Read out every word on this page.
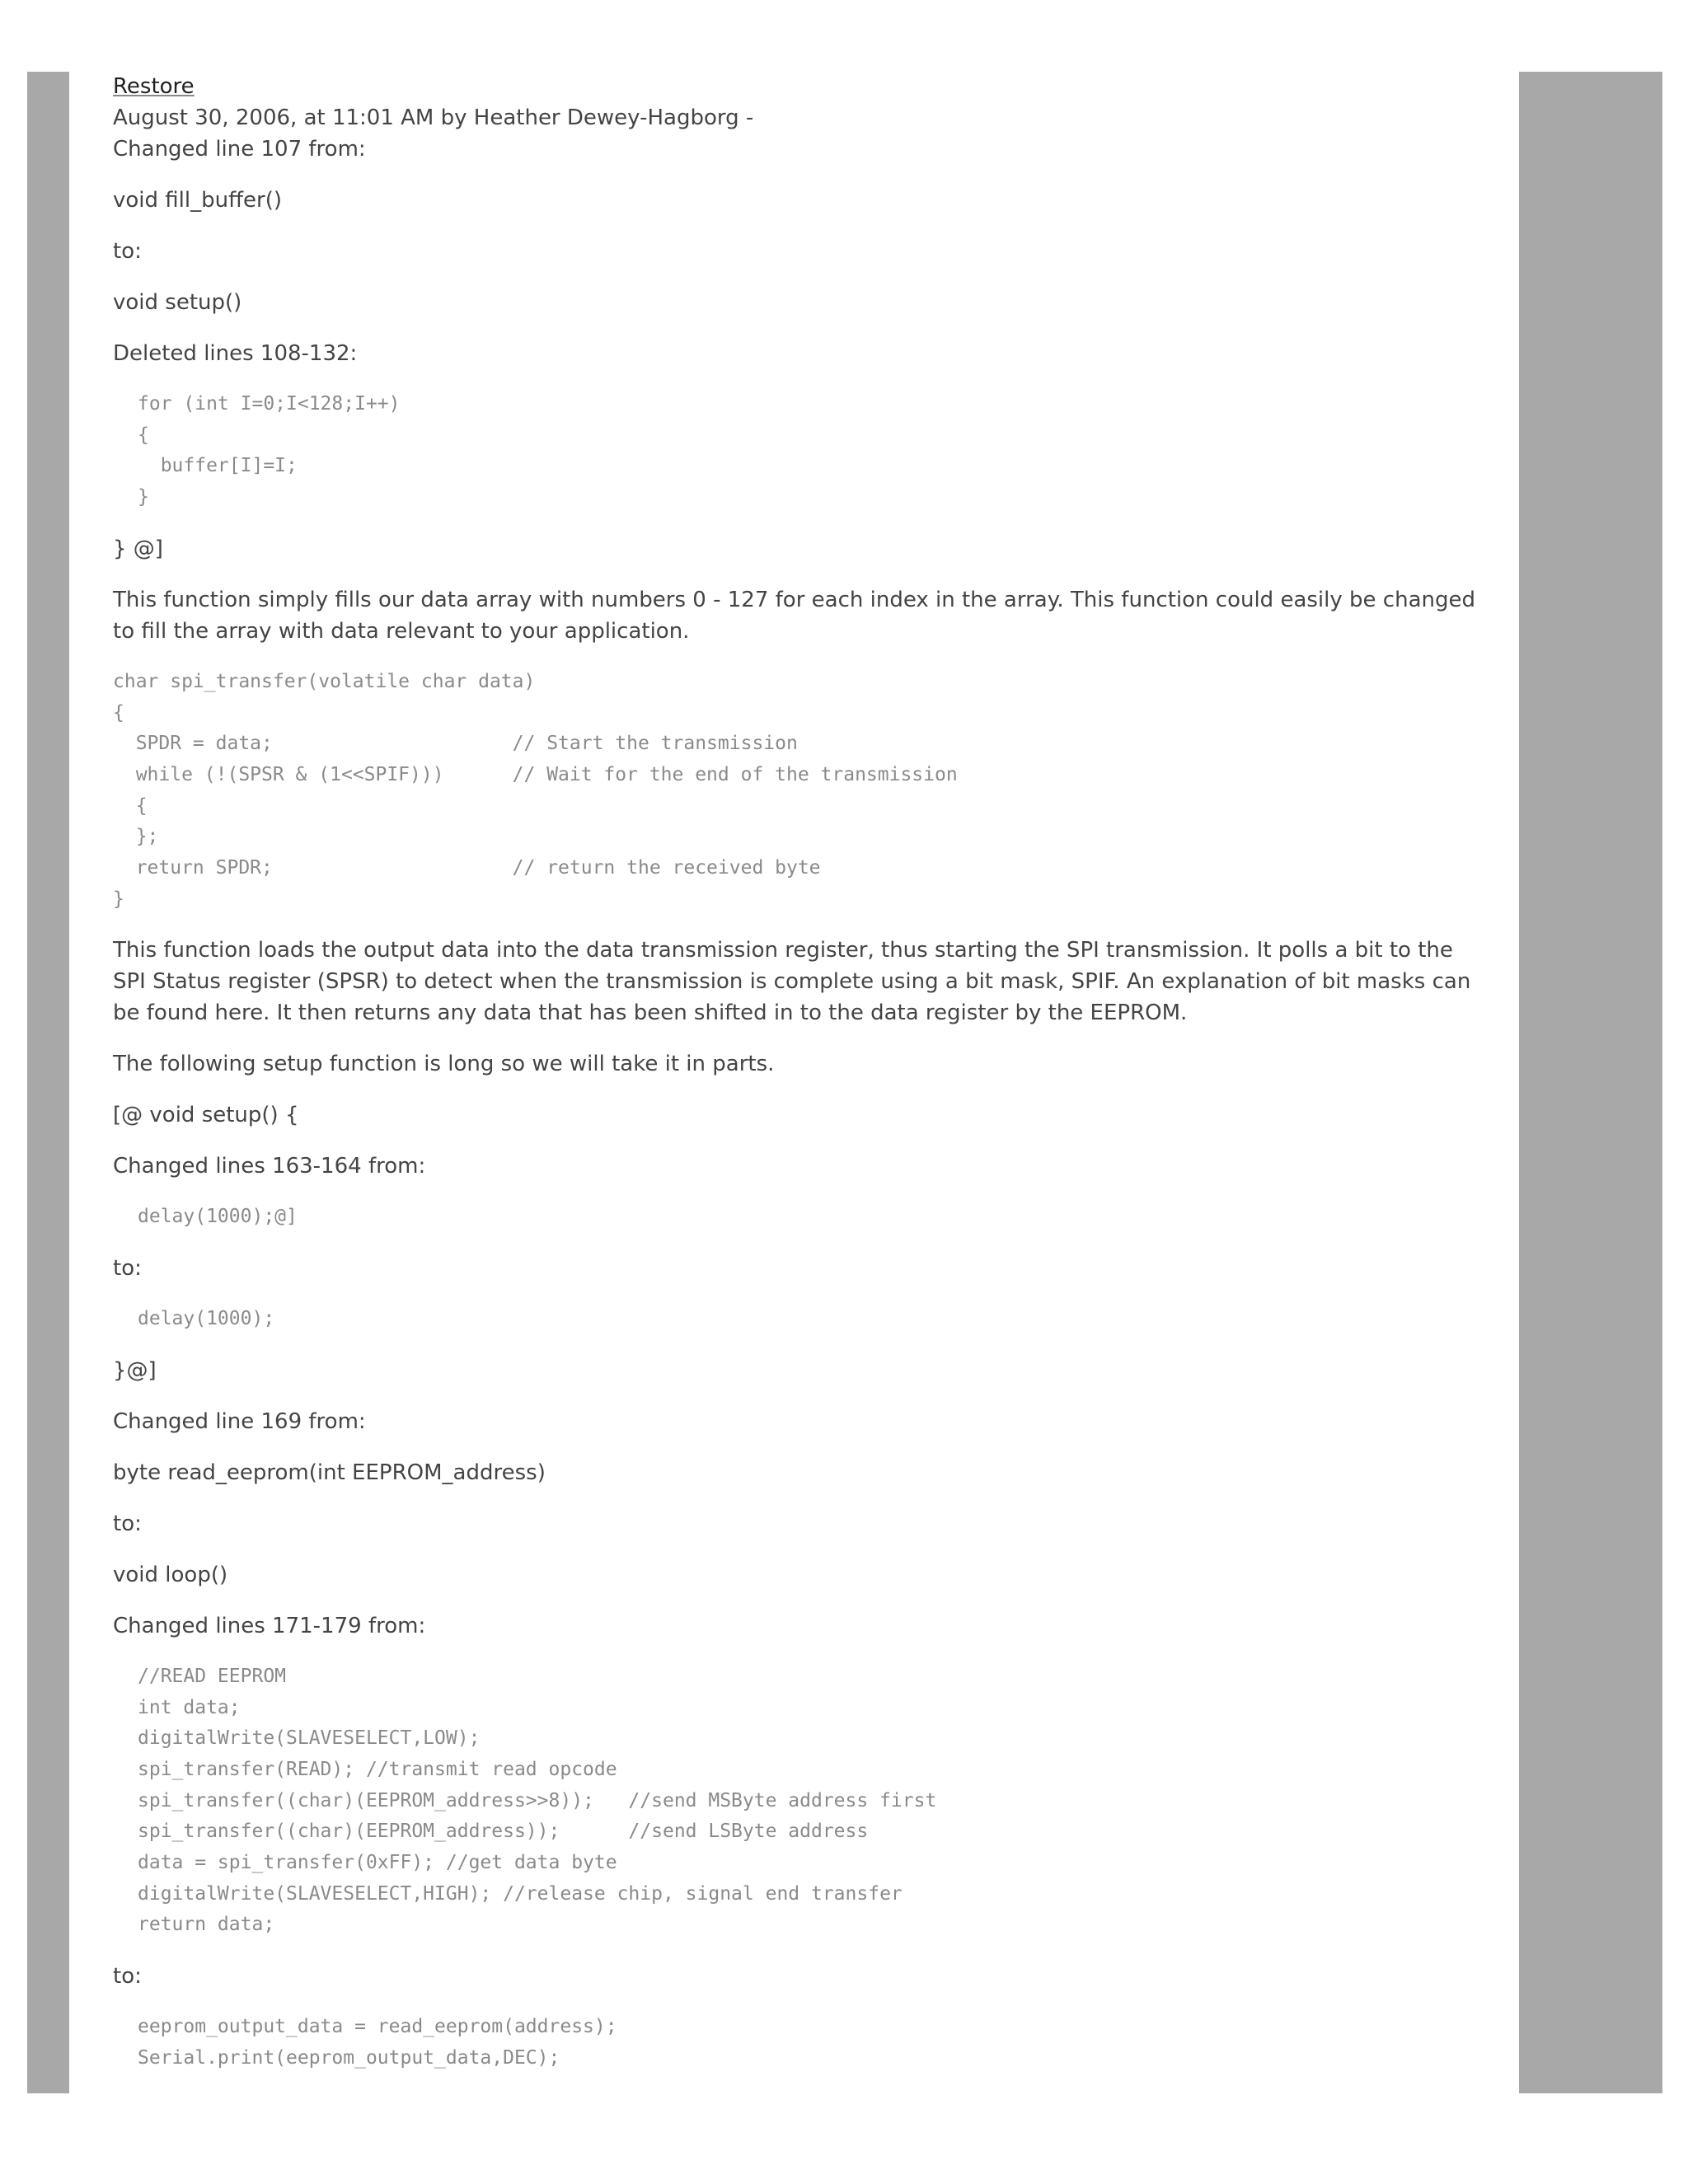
Restore

August 30, 2006, at 11:01 AM by Heather Dewey-Hagborg -

Changed line 107 from:

void fill_buffer()

to:

void setup()

Deleted lines 108-132:

for (int I=0;I<128;I++)
{
buffer[I]=I;
}

} @]

This function simply fills our data array with numbers 0 - 127 for each index in the array. This function could easily be changed to fill the array with data relevant to your application.

char spi_transfer(volatile char data)
{
SPDR = data;                     // Start the transmission
while (!(SPSR & (1<<SPIF)))      // Wait for the end of the transmission
{
};
return SPDR;                     // return the received byte
}

This function loads the output data into the data transmission register, thus starting the SPI transmission. It polls a bit to the SPI Status register (SPSR) to detect when the transmission is complete using a bit mask, SPIF. An explanation of bit masks can be found here. It then returns any data that has been shifted in to the data register by the EEPROM.

The following setup function is long so we will take it in parts.

[@ void setup() {

Changed lines 163-164 from:

delay(1000);@]

to:

delay(1000);

}@]

Changed line 169 from:

byte read_eeprom(int EEPROM_address)

to:

void loop()

Changed lines 171-179 from:

//READ EEPROM
int data;
digitalWrite(SLAVESELECT,LOW);
spi_transfer(READ); //transmit read opcode
spi_transfer((char)(EEPROM_address>>8));   //send MSByte address first
spi_transfer((char)(EEPROM_address));      //send LSByte address
data = spi_transfer(0xFF); //get data byte
digitalWrite(SLAVESELECT,HIGH); //release chip, signal end transfer
return data;

to:

eeprom_output_data = read_eeprom(address);
Serial.print(eeprom_output_data,DEC);
